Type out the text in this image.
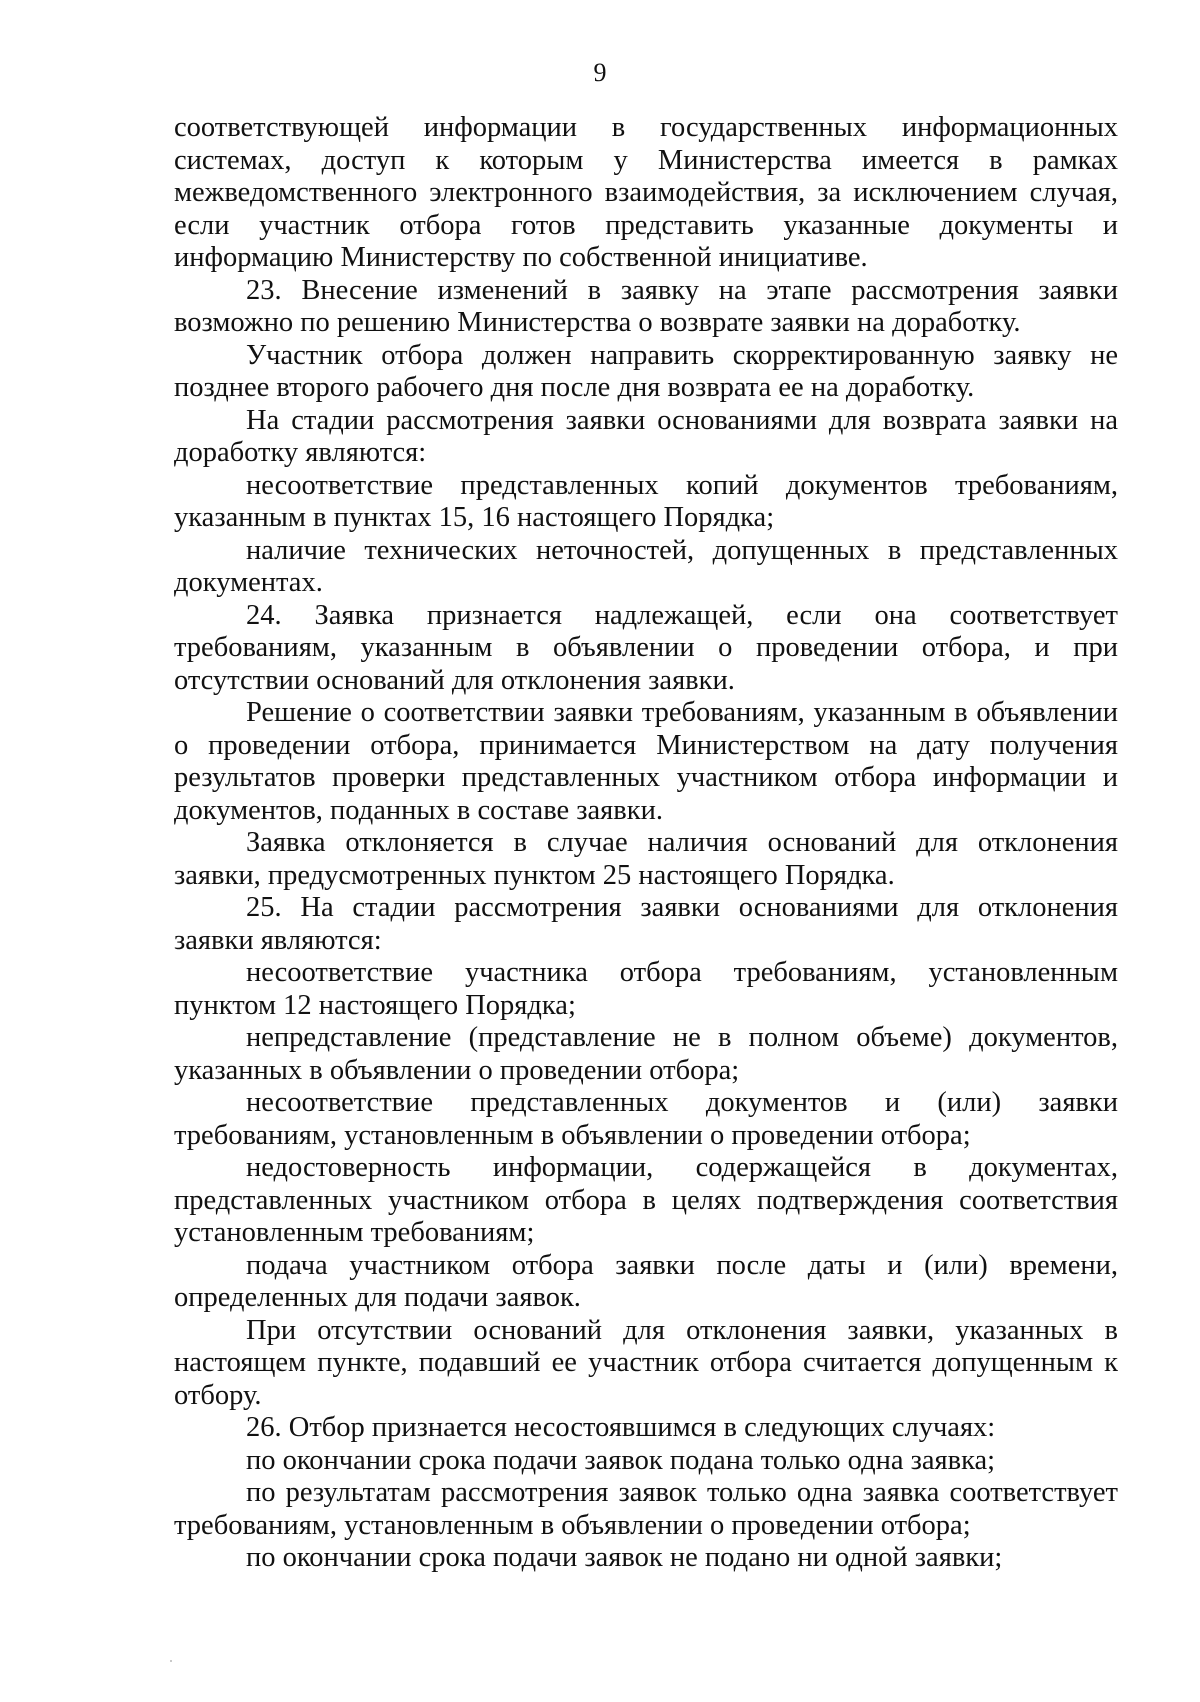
9

соответствующей информации в государственных информационных системах, доступ к которым у Министерства имеется в рамках межведомственного электронного взаимодействия, за исключением случая, если участник отбора готов представить указанные документы и информацию Министерству по собственной инициативе.

23. Внесение изменений в заявку на этапе рассмотрения заявки возможно по решению Министерства о возврате заявки на доработку.

Участник отбора должен направить скорректированную заявку не позднее второго рабочего дня после дня возврата ее на доработку.

На стадии рассмотрения заявки основаниями для возврата заявки на доработку являются:

несоответствие представленных копий документов требованиям, указанным в пунктах 15, 16 настоящего Порядка;

наличие технических неточностей, допущенных в представленных документах.

24. Заявка признается надлежащей, если она соответствует требованиям, указанным в объявлении о проведении отбора, и при отсутствии оснований для отклонения заявки.

Решение о соответствии заявки требованиям, указанным в объявлении о проведении отбора, принимается Министерством на дату получения результатов проверки представленных участником отбора информации и документов, поданных в составе заявки.

Заявка отклоняется в случае наличия оснований для отклонения заявки, предусмотренных пунктом 25 настоящего Порядка.

25. На стадии рассмотрения заявки основаниями для отклонения заявки являются:

несоответствие участника отбора требованиям, установленным пунктом 12 настоящего Порядка;

непредставление (представление не в полном объеме) документов, указанных в объявлении о проведении отбора;

несоответствие представленных документов и (или) заявки требованиям, установленным в объявлении о проведении отбора;

недостоверность информации, содержащейся в документах, представленных участником отбора в целях подтверждения соответствия установленным требованиям;

подача участником отбора заявки после даты и (или) времени, определенных для подачи заявок.

При отсутствии оснований для отклонения заявки, указанных в настоящем пункте, подавший ее участник отбора считается допущенным к отбору.

26. Отбор признается несостоявшимся в следующих случаях:

по окончании срока подачи заявок подана только одна заявка;

по результатам рассмотрения заявок только одна заявка соответствует требованиям, установленным в объявлении о проведении отбора;

по окончании срока подачи заявок не подано ни одной заявки;
